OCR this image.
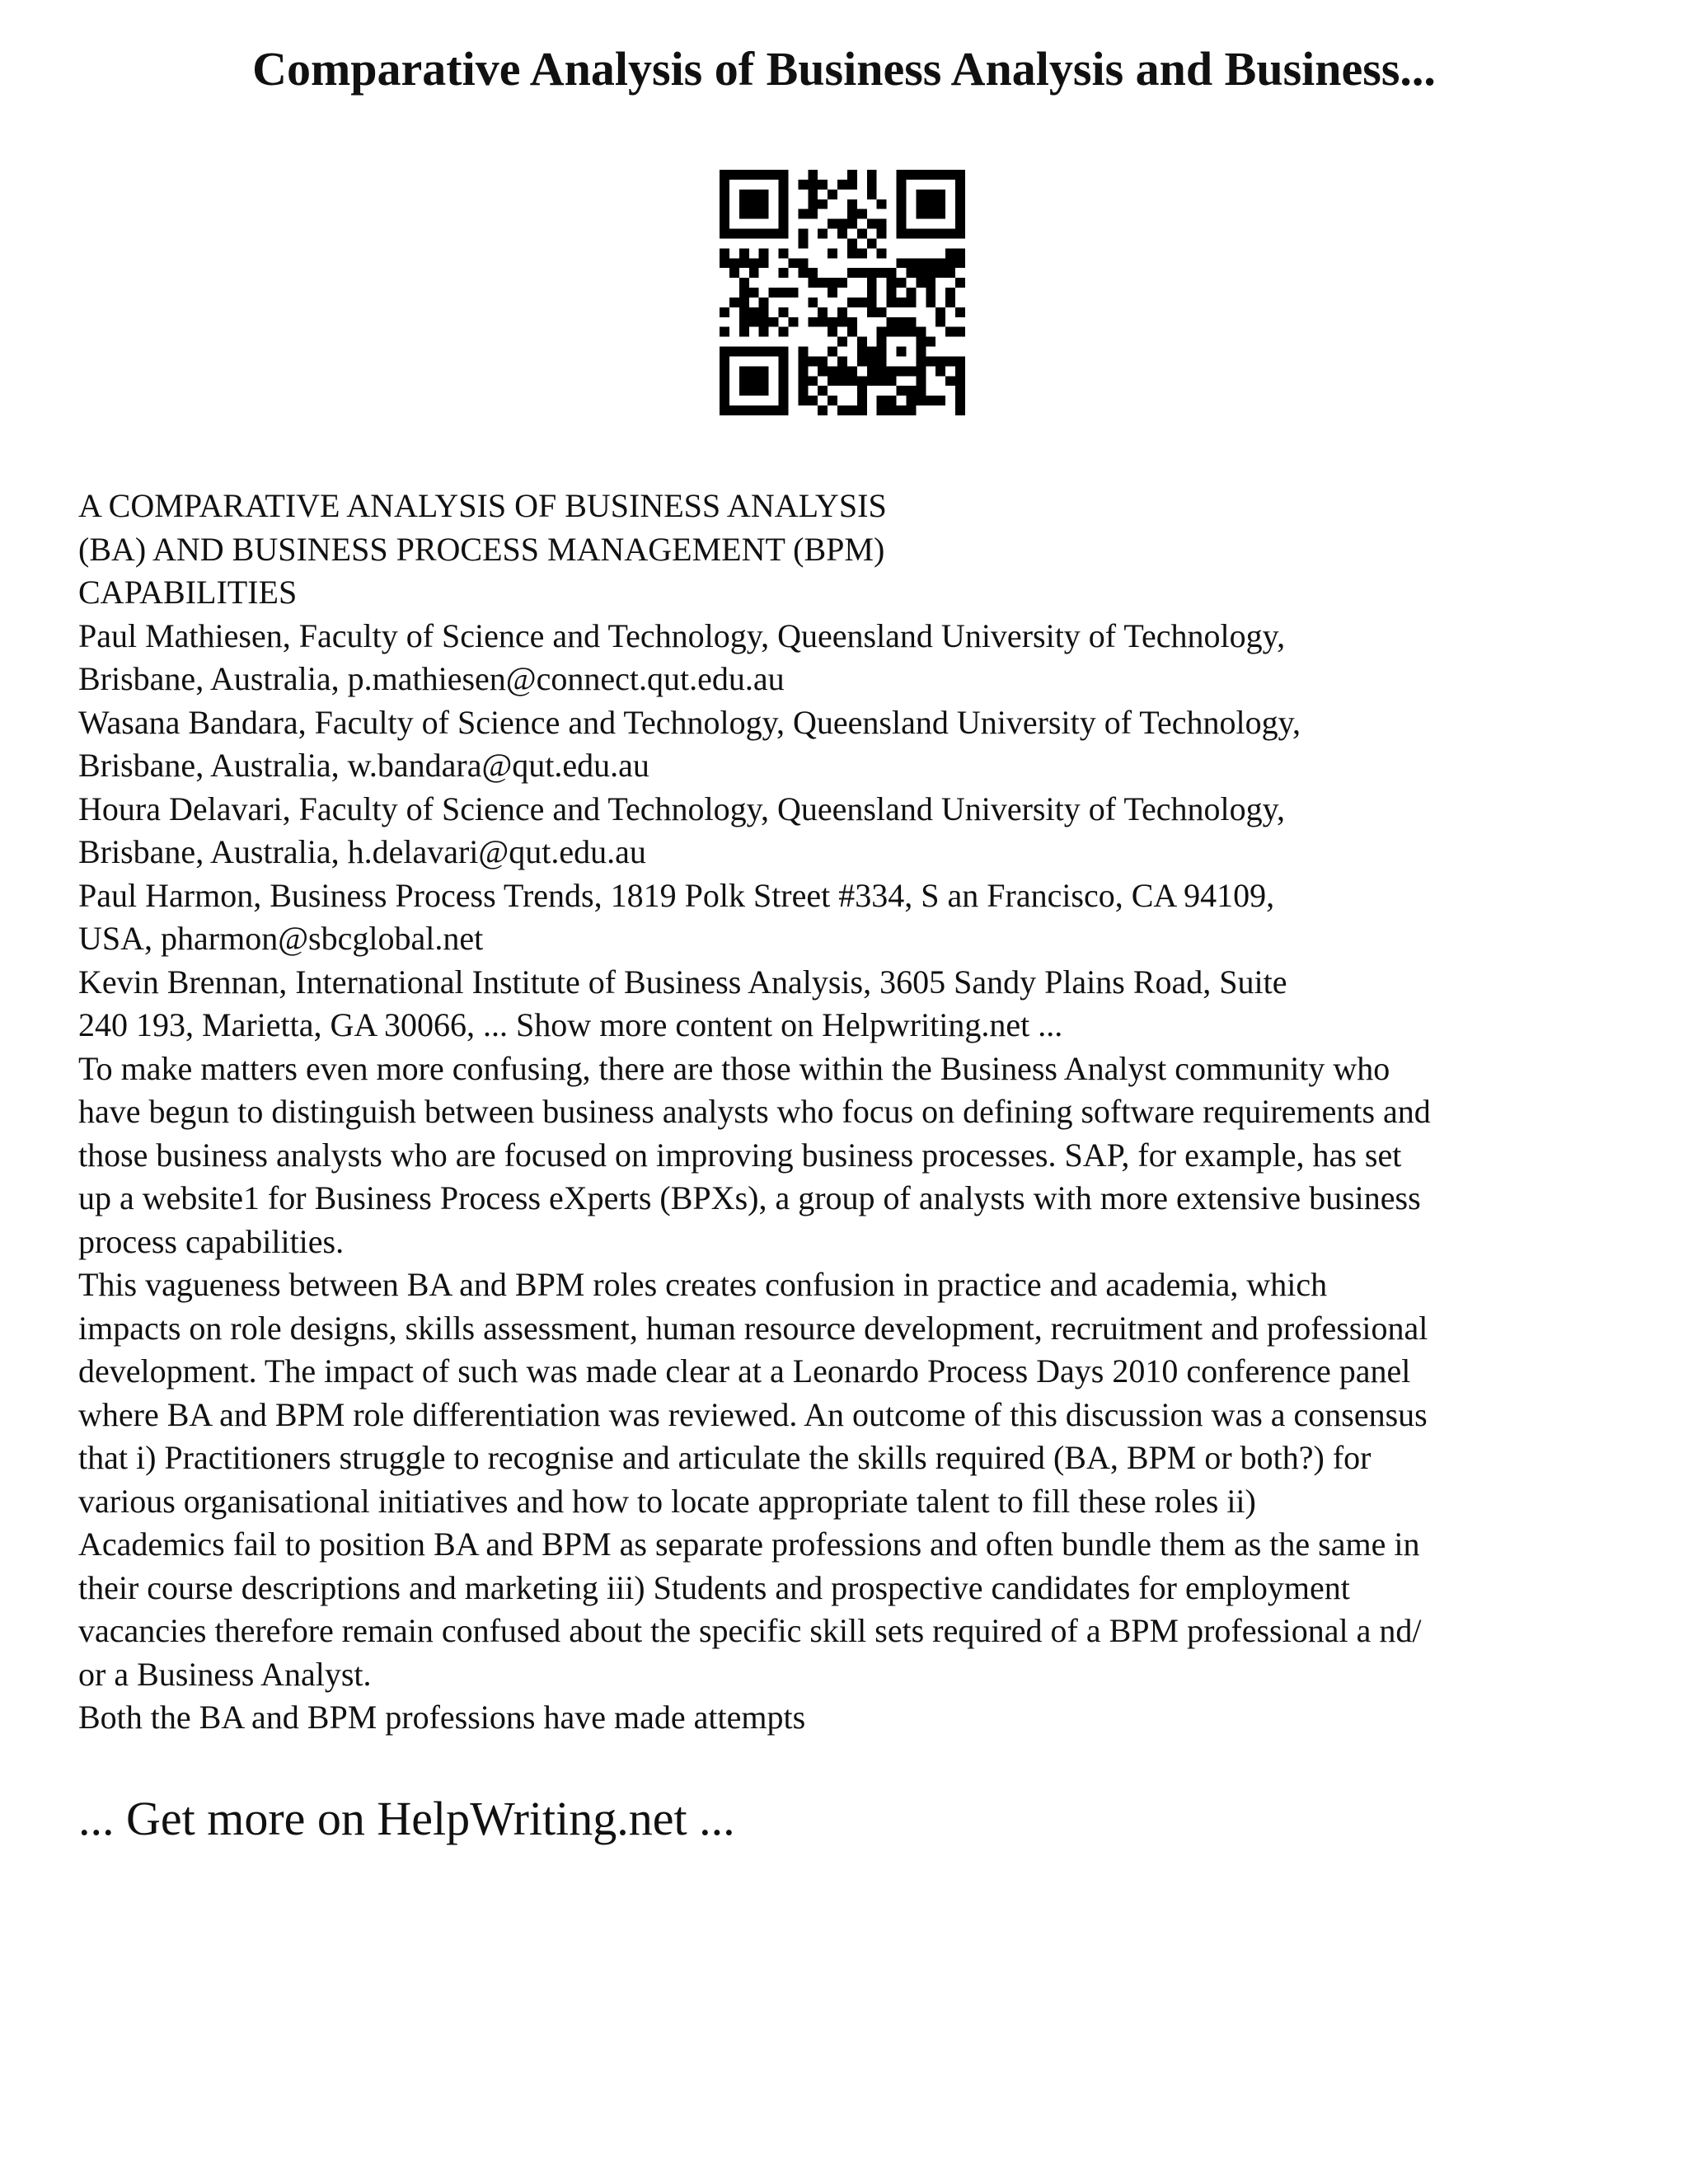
Comparative Analysis of Business Analysis and Business...
A COMPARATIVE ANALYSIS OF BUSINESS ANALYSIS
(BA) AND BUSINESS PROCESS MANAGEMENT (BPM)
CAPABILITIES
Paul Mathiesen, Faculty of Science and Technology, Queensland University of Technology,
Brisbane, Australia, p.mathiesen@connect.qut.edu.au
Wasana Bandara, Faculty of Science and Technology, Queensland University of Technology,
Brisbane, Australia, w.bandara@qut.edu.au
Houra Delavari, Faculty of Science and Technology, Queensland University of Technology,
Brisbane, Australia, h.delavari@qut.edu.au
Paul Harmon, Business Process Trends, 1819 Polk Street #334, S an Francisco, CA 94109,
USA, pharmon@sbcglobal.net
Kevin Brennan, International Institute of Business Analysis, 3605 Sandy Plains Road, Suite
240 193, Marietta, GA 30066, ... Show more content on Helpwriting.net ...
To make matters even more confusing, there are those within the Business Analyst community who
have begun to distinguish between business analysts who focus on defining software requirements and
those business analysts who are focused on improving business processes. SAP, for example, has set
up a website1 for Business Process eXperts (BPXs), a group of analysts with more extensive business
process capabilities.
This vagueness between BA and BPM roles creates confusion in practice and academia, which
impacts on role designs, skills assessment, human resource development, recruitment and professional
development. The impact of such was made clear at a Leonardo Process Days 2010 conference panel
where BA and BPM role differentiation was reviewed. An outcome of this discussion was a consensus
that i) Practitioners struggle to recognise and articulate the skills required (BA, BPM or both?) for
various organisational initiatives and how to locate appropriate talent to fill these roles ii)
Academics fail to position BA and BPM as separate professions and often bundle them as the same in
their course descriptions and marketing iii) Students and prospective candidates for employment
vacancies therefore remain confused about the specific skill sets required of a BPM professional a nd/
or a Business Analyst.
Both the BA and BPM professions have made attempts
... Get more on HelpWriting.net ...
